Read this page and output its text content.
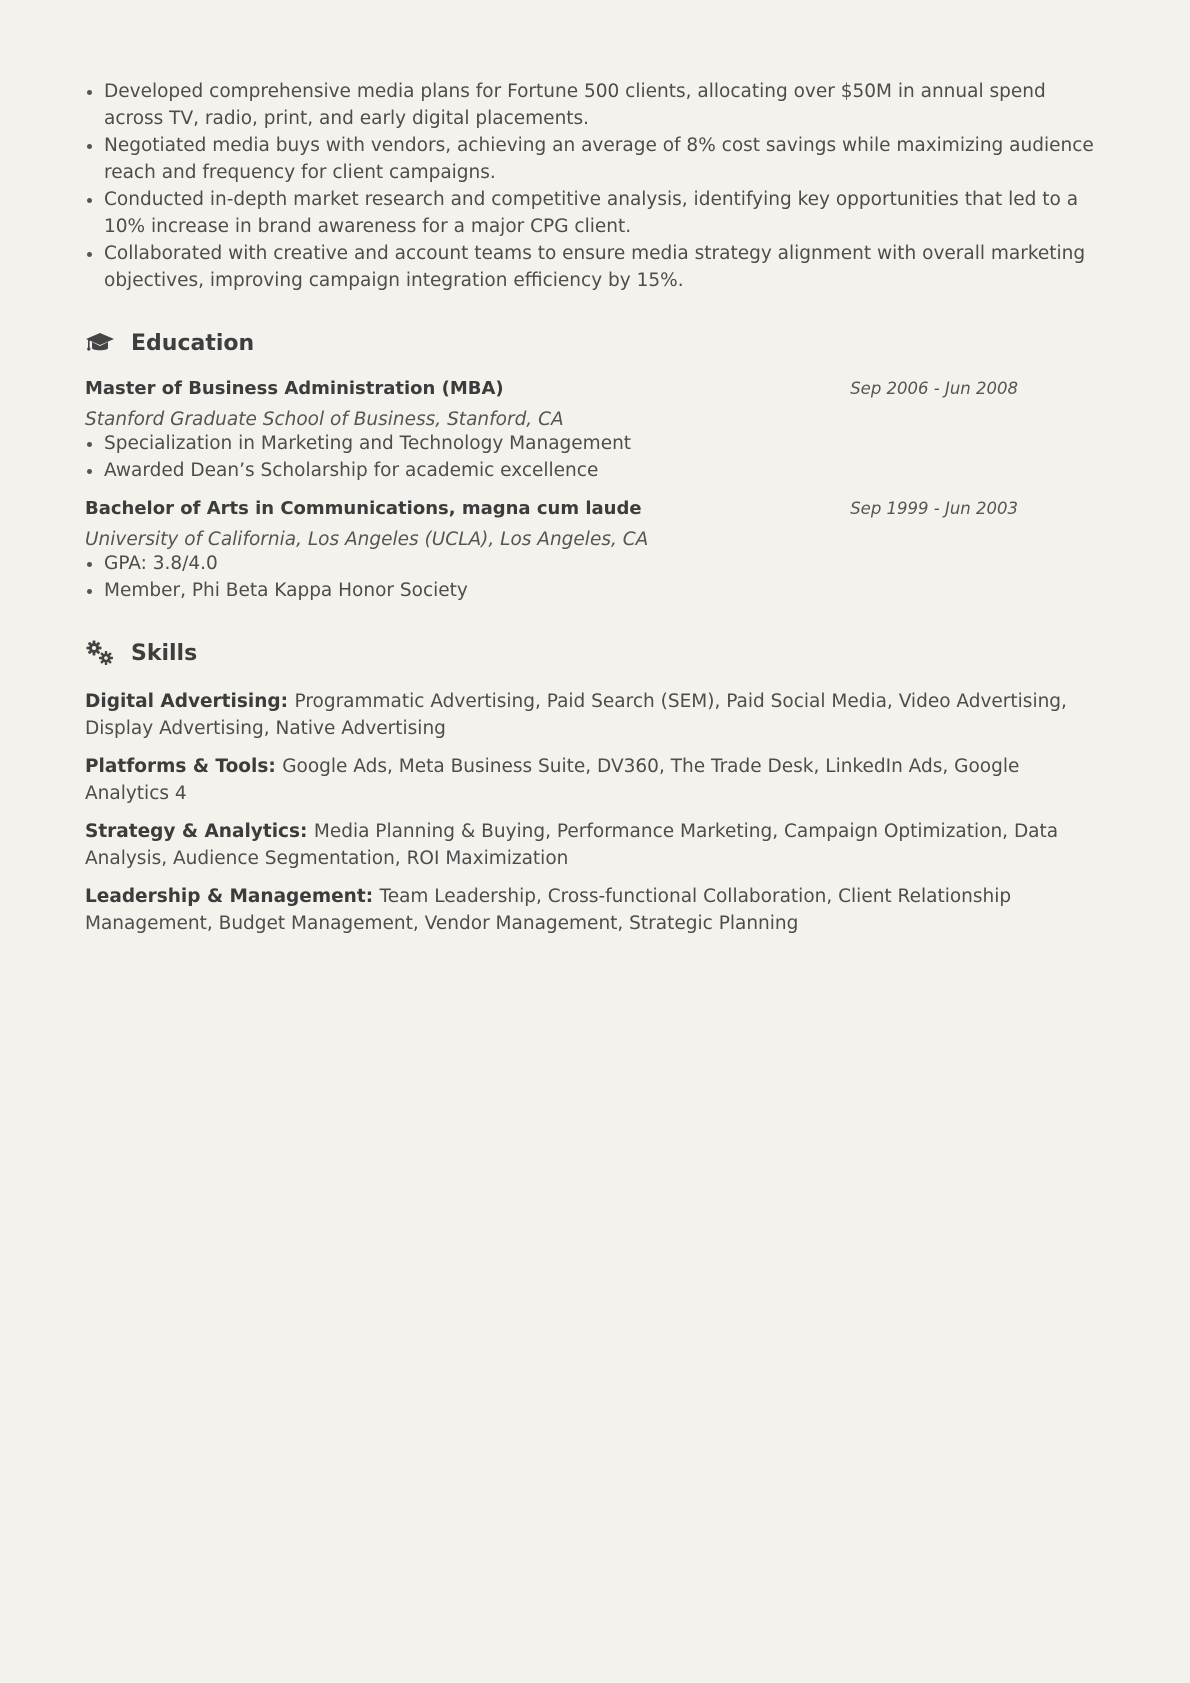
Developed comprehensive media plans for Fortune 500 clients, allocating over $50M in annual spend across TV, radio, print, and early digital placements.
Negotiated media buys with vendors, achieving an average of 8% cost savings while maximizing audience reach and frequency for client campaigns.
Conducted in-depth market research and competitive analysis, identifying key opportunities that led to a 10% increase in brand awareness for a major CPG client.
Collaborated with creative and account teams to ensure media strategy alignment with overall marketing objectives, improving campaign integration efficiency by 15%.
Education
Master of Business Administration (MBA)	Sep 2006 - Jun 2008
Stanford Graduate School of Business, Stanford, CA
Specialization in Marketing and Technology Management
Awarded Dean’s Scholarship for academic excellence
Bachelor of Arts in Communications, magna cum laude	Sep 1999 - Jun 2003
University of California, Los Angeles (UCLA), Los Angeles, CA
GPA: 3.8/4.0
Member, Phi Beta Kappa Honor Society
Skills
Digital Advertising: Programmatic Advertising, Paid Search (SEM), Paid Social Media, Video Advertising, Display Advertising, Native Advertising
Platforms & Tools: Google Ads, Meta Business Suite, DV360, The Trade Desk, LinkedIn Ads, Google Analytics 4
Strategy & Analytics: Media Planning & Buying, Performance Marketing, Campaign Optimization, Data Analysis, Audience Segmentation, ROI Maximization
Leadership & Management: Team Leadership, Cross-functional Collaboration, Client Relationship Management, Budget Management, Vendor Management, Strategic Planning
